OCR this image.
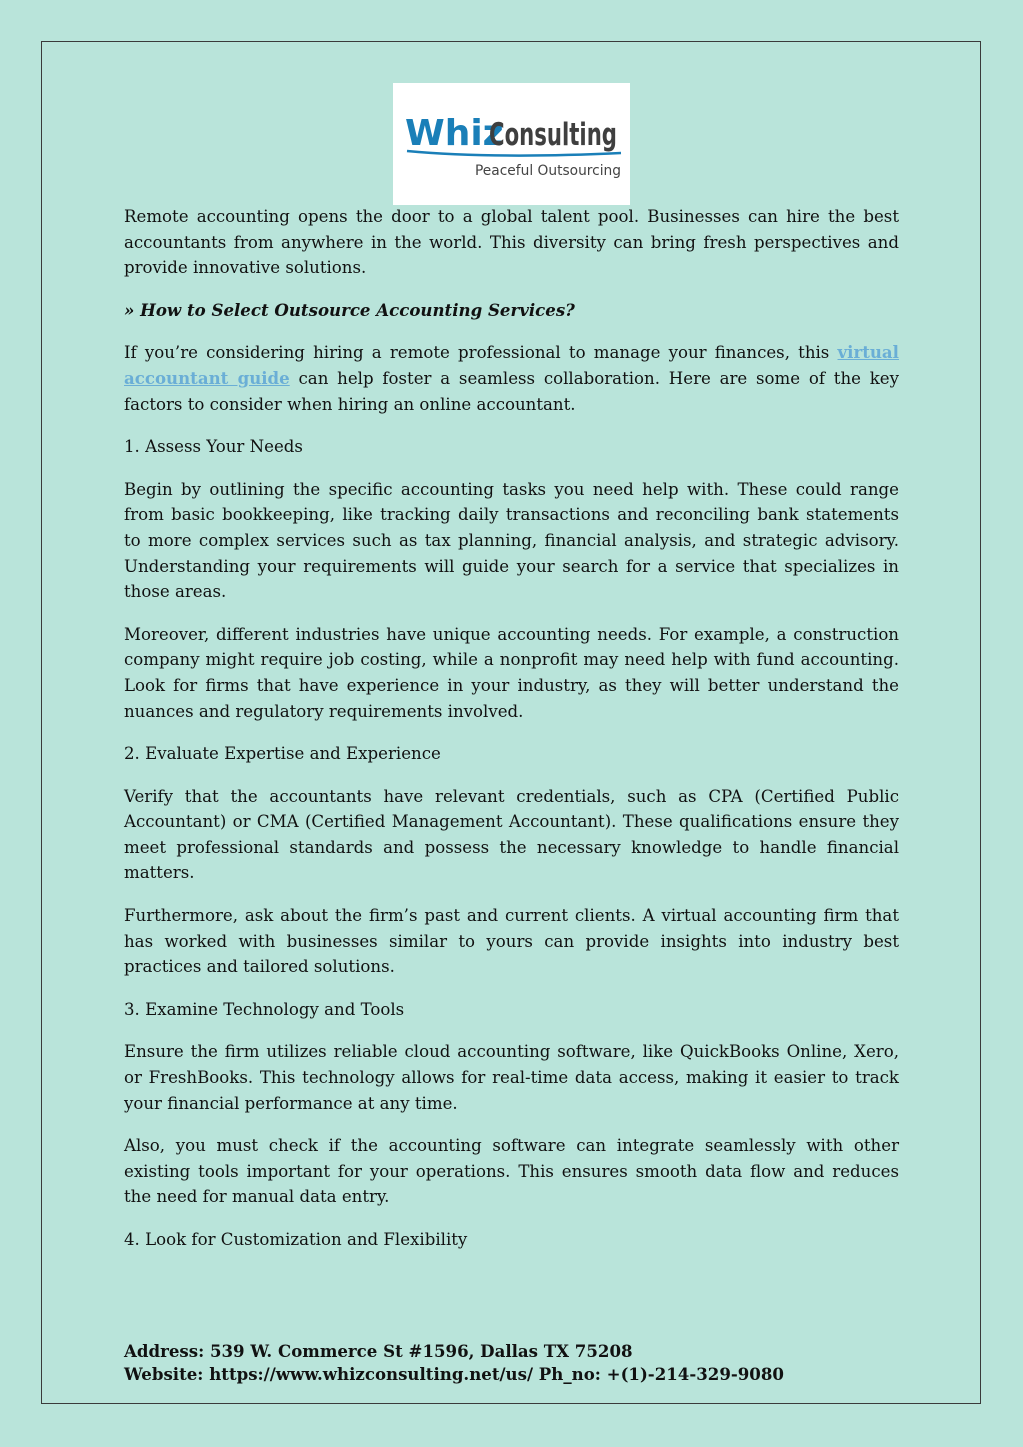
Whiz
Consulting
Peaceful Outsourcing

Remote accounting opens the door to a global talent pool. Businesses can hire the best accountants from anywhere in the world. This diversity can bring fresh perspectives and provide innovative solutions.

» How to Select Outsource Accounting Services?

If you’re considering hiring a remote professional to manage your finances, this virtual accountant guide can help foster a seamless collaboration. Here are some of the key factors to consider when hiring an online accountant.

1. Assess Your Needs

Begin by outlining the specific accounting tasks you need help with. These could range from basic bookkeeping, like tracking daily transactions and reconciling bank statements to more complex services such as tax planning, financial analysis, and strategic advisory. Understanding your requirements will guide your search for a service that specializes in those areas.

Moreover, different industries have unique accounting needs. For example, a construction company might require job costing, while a nonprofit may need help with fund accounting. Look for firms that have experience in your industry, as they will better understand the nuances and regulatory requirements involved.

2. Evaluate Expertise and Experience

Verify that the accountants have relevant credentials, such as CPA (Certified Public Accountant) or CMA (Certified Management Accountant). These qualifications ensure they meet professional standards and possess the necessary knowledge to handle financial matters.

Furthermore, ask about the firm’s past and current clients. A virtual accounting firm that has worked with businesses similar to yours can provide insights into industry best practices and tailored solutions.

3. Examine Technology and Tools

Ensure the firm utilizes reliable cloud accounting software, like QuickBooks Online, Xero, or FreshBooks. This technology allows for real-time data access, making it easier to track your financial performance at any time.

Also, you must check if the accounting software can integrate seamlessly with other existing tools important for your operations. This ensures smooth data flow and reduces the need for manual data entry.

4. Look for Customization and Flexibility

Address: 539 W. Commerce St #1596, Dallas TX 75208
Website: https://www.whizconsulting.net/us/ Ph_no: +(1)-214-329-9080
